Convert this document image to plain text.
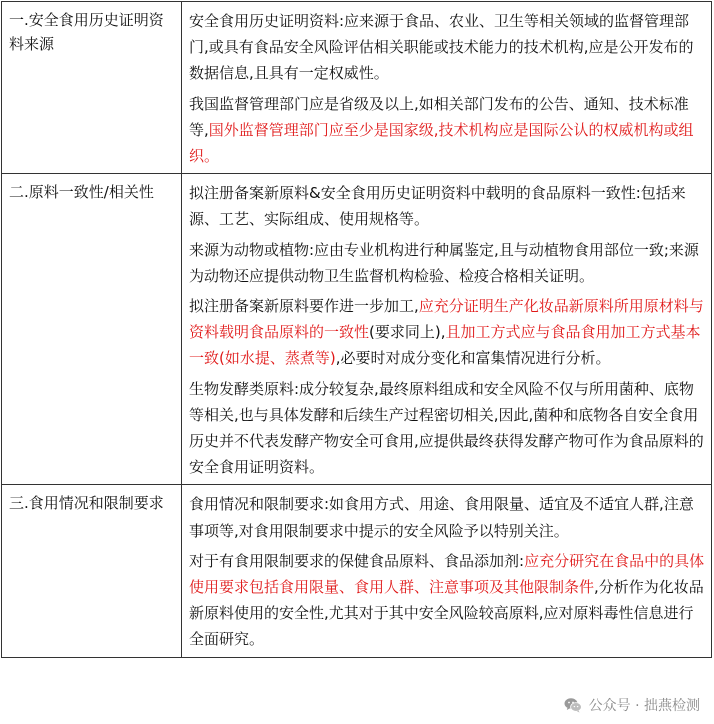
一.安全食用历史证明资料来源	安全食用历史证明资料:应来源于食品、农业、卫生等相关领域的监督管理部门,或具有食品安全风险评估相关职能或技术能力的技术机构,应是公开发布的数据信息,且具有一定权威性。

我国监督管理部门应是省级及以上,如相关部门发布的公告、通知、技术标准等,国外监督管理部门应至少是国家级,技术机构应是国际公认的权威机构或组织。

二.原料一致性/相关性	拟注册备案新原料&安全食用历史证明资料中载明的食品原料一致性:包括来源、工艺、实际组成、使用规格等。

来源为动物或植物:应由专业机构进行种属鉴定,且与动植物食用部位一致;来源为动物还应提供动物卫生监督机构检验、检疫合格相关证明。

拟注册备案新原料要作进一步加工,应充分证明生产化妆品新原料所用原材料与资料载明食品原料的一致性(要求同上),且加工方式应与食品食用加工方式基本一致(如水提、蒸煮等),必要时对成分变化和富集情况进行分析。

生物发酵类原料:成分较复杂,最终原料组成和安全风险不仅与所用菌种、底物等相关,也与具体发酵和后续生产过程密切相关,因此,菌种和底物各自安全食用历史并不代表发酵产物安全可食用,应提供最终获得发酵产物可作为食品原料的安全食用证明资料。

三.食用情况和限制要求	食用情况和限制要求:如食用方式、用途、食用限量、适宜及不适宜人群,注意事项等,对食用限制要求中提示的安全风险予以特别关注。

对于有食用限制要求的保健食品原料、食品添加剂:应充分研究在食品中的具体使用要求包括食用限量、食用人群、注意事项及其他限制条件,分析作为化妆品新原料使用的安全性,尤其对于其中安全风险较高原料,应对原料毒性信息进行全面研究。

公众号 · 拙燕检测
